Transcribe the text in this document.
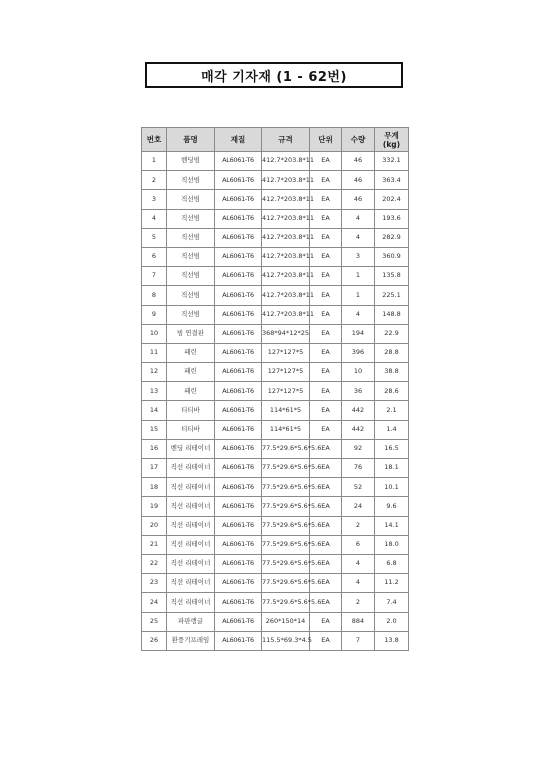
매각 기자재 (1 - 62번)
번호	품명	재질	규격	단위	수량	무게 (kg)
1	벤딩빔	AL6061-T6	412.7*203.8*11	EA	46	332.1
2	직선빔	AL6061-T6	412.7*203.8*11	EA	46	363.4
3	직선빔	AL6061-T6	412.7*203.8*11	EA	46	202.4
4	직선빔	AL6061-T6	412.7*203.8*11	EA	4	193.6
5	직선빔	AL6061-T6	412.7*203.8*11	EA	4	282.9
6	직선빔	AL6061-T6	412.7*203.8*11	EA	3	360.9
7	직선빔	AL6061-T6	412.7*203.8*11	EA	1	135.8
8	직선빔	AL6061-T6	412.7*203.8*11	EA	1	225.1
9	직선빔	AL6061-T6	412.7*203.8*11	EA	4	148.8
10	빔 연결판	AL6061-T6	368*94*12*25	EA	194	22.9
11	패린	AL6061-T6	127*127*5	EA	396	28.8
12	패린	AL6061-T6	127*127*5	EA	10	38.8
13	패린	AL6061-T6	127*127*5	EA	36	28.6
14	티티바	AL6061-T6	114*61*5	EA	442	2.1
15	티티바	AL6061-T6	114*61*5	EA	442	1.4
16	벤딩 리테이너	AL6061-T6	77.5*29.6*5.6*5.6	EA	92	16.5
17	직선 리테이너	AL6061-T6	77.5*29.6*5.6*5.6	EA	76	18.1
18	직선 리테이너	AL6061-T6	77.5*29.6*5.6*5.6	EA	52	10.1
19	직선 리테이너	AL6061-T6	77.5*29.6*5.6*5.6	EA	24	9.6
20	직선 리테이너	AL6061-T6	77.5*29.6*5.6*5.6	EA	2	14.1
21	직선 리테이너	AL6061-T6	77.5*29.6*5.6*5.6	EA	6	18.0
22	직선 리테이너	AL6061-T6	77.5*29.6*5.6*5.6	EA	4	6.8
23	직선 리테이너	AL6061-T6	77.5*29.6*5.6*5.6	EA	4	11.2
24	직선 리테이너	AL6061-T6	77.5*29.6*5.6*5.6	EA	2	7.4
25	파판랭글	AL6061-T6	260*150*14	EA	884	2.0
26	환풍기프레임	AL6061-T6	115.5*69.3*4.5	EA	7	13.8
